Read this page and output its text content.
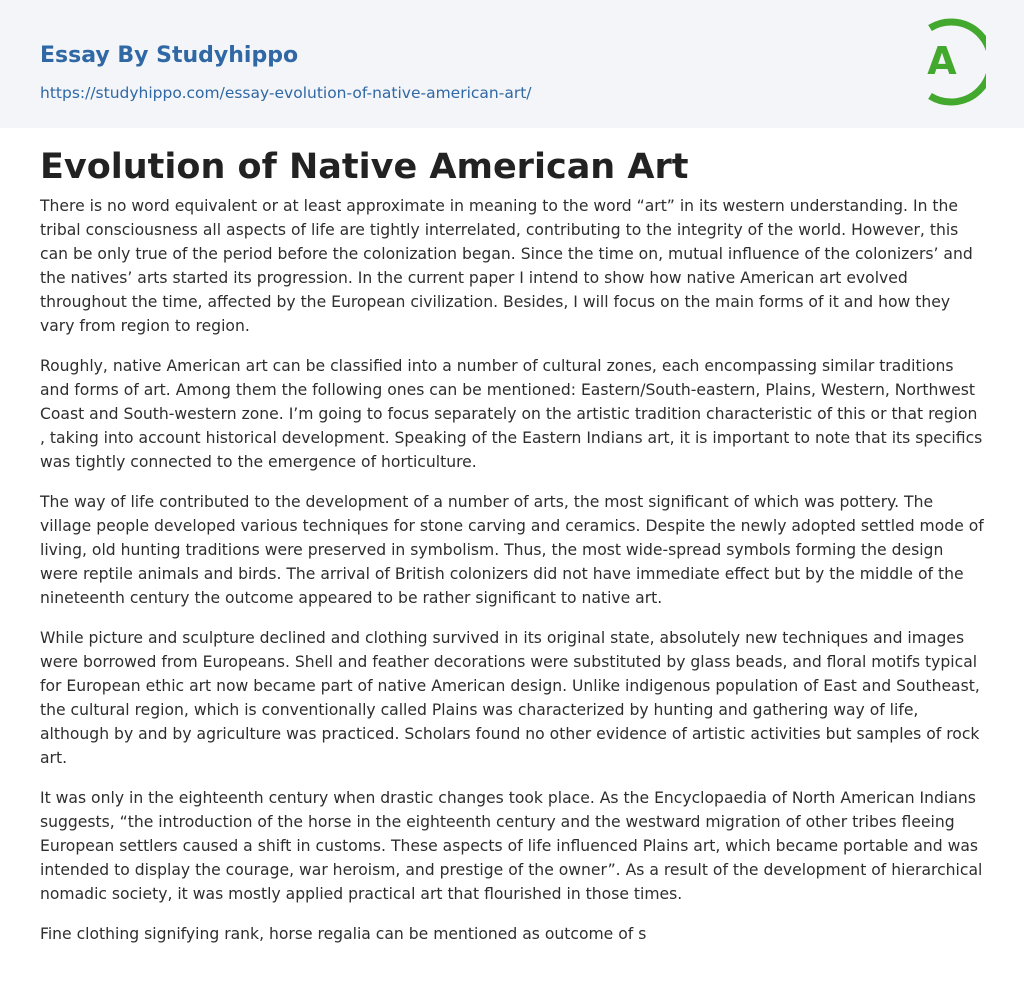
Essay By Studyhippo
https://studyhippo.com/essay-evolution-of-native-american-art/
A
Evolution of Native American Art

There is no word equivalent or at least approximate in meaning to the word “art” in its western understanding. In the tribal consciousness all aspects of life are tightly interrelated, contributing to the integrity of the world. However, this can be only true of the period before the colonization began. Since the time on, mutual influence of the colonizers’ and the natives’ arts started its progression. In the current paper I intend to show how native American art evolved throughout the time, affected by the European civilization. Besides, I will focus on the main forms of it and how they vary from region to region.

Roughly, native American art can be classified into a number of cultural zones, each encompassing similar traditions and forms of art. Among them the following ones can be mentioned: Eastern/South-eastern, Plains, Western, Northwest Coast and South-western zone. I’m going to focus separately on the artistic tradition characteristic of this or that region , taking into account historical development. Speaking of the Eastern Indians art, it is important to note that its specifics was tightly connected to the emergence of horticulture.

The way of life contributed to the development of a number of arts, the most significant of which was pottery. The village people developed various techniques for stone carving and ceramics. Despite the newly adopted settled mode of living, old hunting traditions were preserved in symbolism. Thus, the most wide-spread symbols forming the design were reptile animals and birds. The arrival of British colonizers did not have immediate effect but by the middle of the nineteenth century the outcome appeared to be rather significant to native art.

While picture and sculpture declined and clothing survived in its original state, absolutely new techniques and images were borrowed from Europeans. Shell and feather decorations were substituted by glass beads, and floral motifs typical for European ethic art now became part of native American design. Unlike indigenous population of East and Southeast, the cultural region, which is conventionally called Plains was characterized by hunting and gathering way of life, although by and by agriculture was practiced. Scholars found no other evidence of artistic activities but samples of rock art.

It was only in the eighteenth century when drastic changes took place. As the Encyclopaedia of North American Indians suggests, “the introduction of the horse in the eighteenth century and the westward migration of other tribes fleeing European settlers caused a shift in customs. These aspects of life influenced Plains art, which became portable and was intended to display the courage, war heroism, and prestige of the owner”. As a result of the development of hierarchical nomadic society, it was mostly applied practical art that flourished in those times.

Fine clothing signifying rank, horse regalia can be mentioned as outcome of s
